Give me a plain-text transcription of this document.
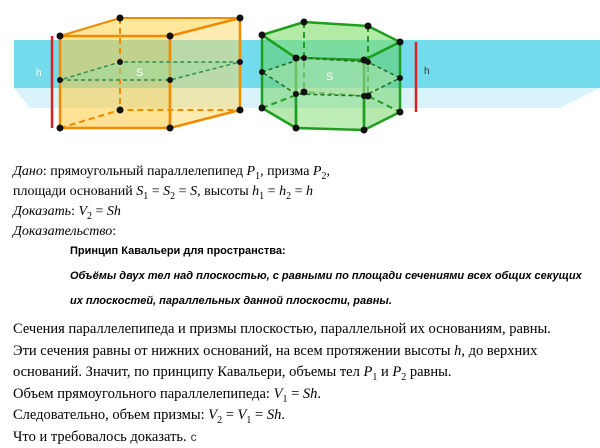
h	S	S	h

Дано: прямоугольный параллелепипед $P_1$, призма $P_2$,

площади оснований $S_1 = S_2 = S$, высоты $h_1 = h_2 = h$

Доказать: $V_2 = Sh$

Доказательство:

Принцип Кавальери для пространства:

Объёмы двух тел над плоскостью, с равными по площади сечениями всех общих секущих

их плоскостей, параллельных данной плоскости, равны.

Сечения параллелепипеда и призмы плоскостью, параллельной их основаниям, равны.

Эти сечения равны от нижних оснований, на всем протяжении высоты h, до верхних

оснований. Значит, по принципу Кавальери, объемы тел $P_1$ и $P_2$ равны.

Объем прямоугольного параллелепипеда: $V_1 = Sh$.

Следовательно, объем призмы: $V_2 = V_1 = Sh$.

Что и требовалось доказать. с
